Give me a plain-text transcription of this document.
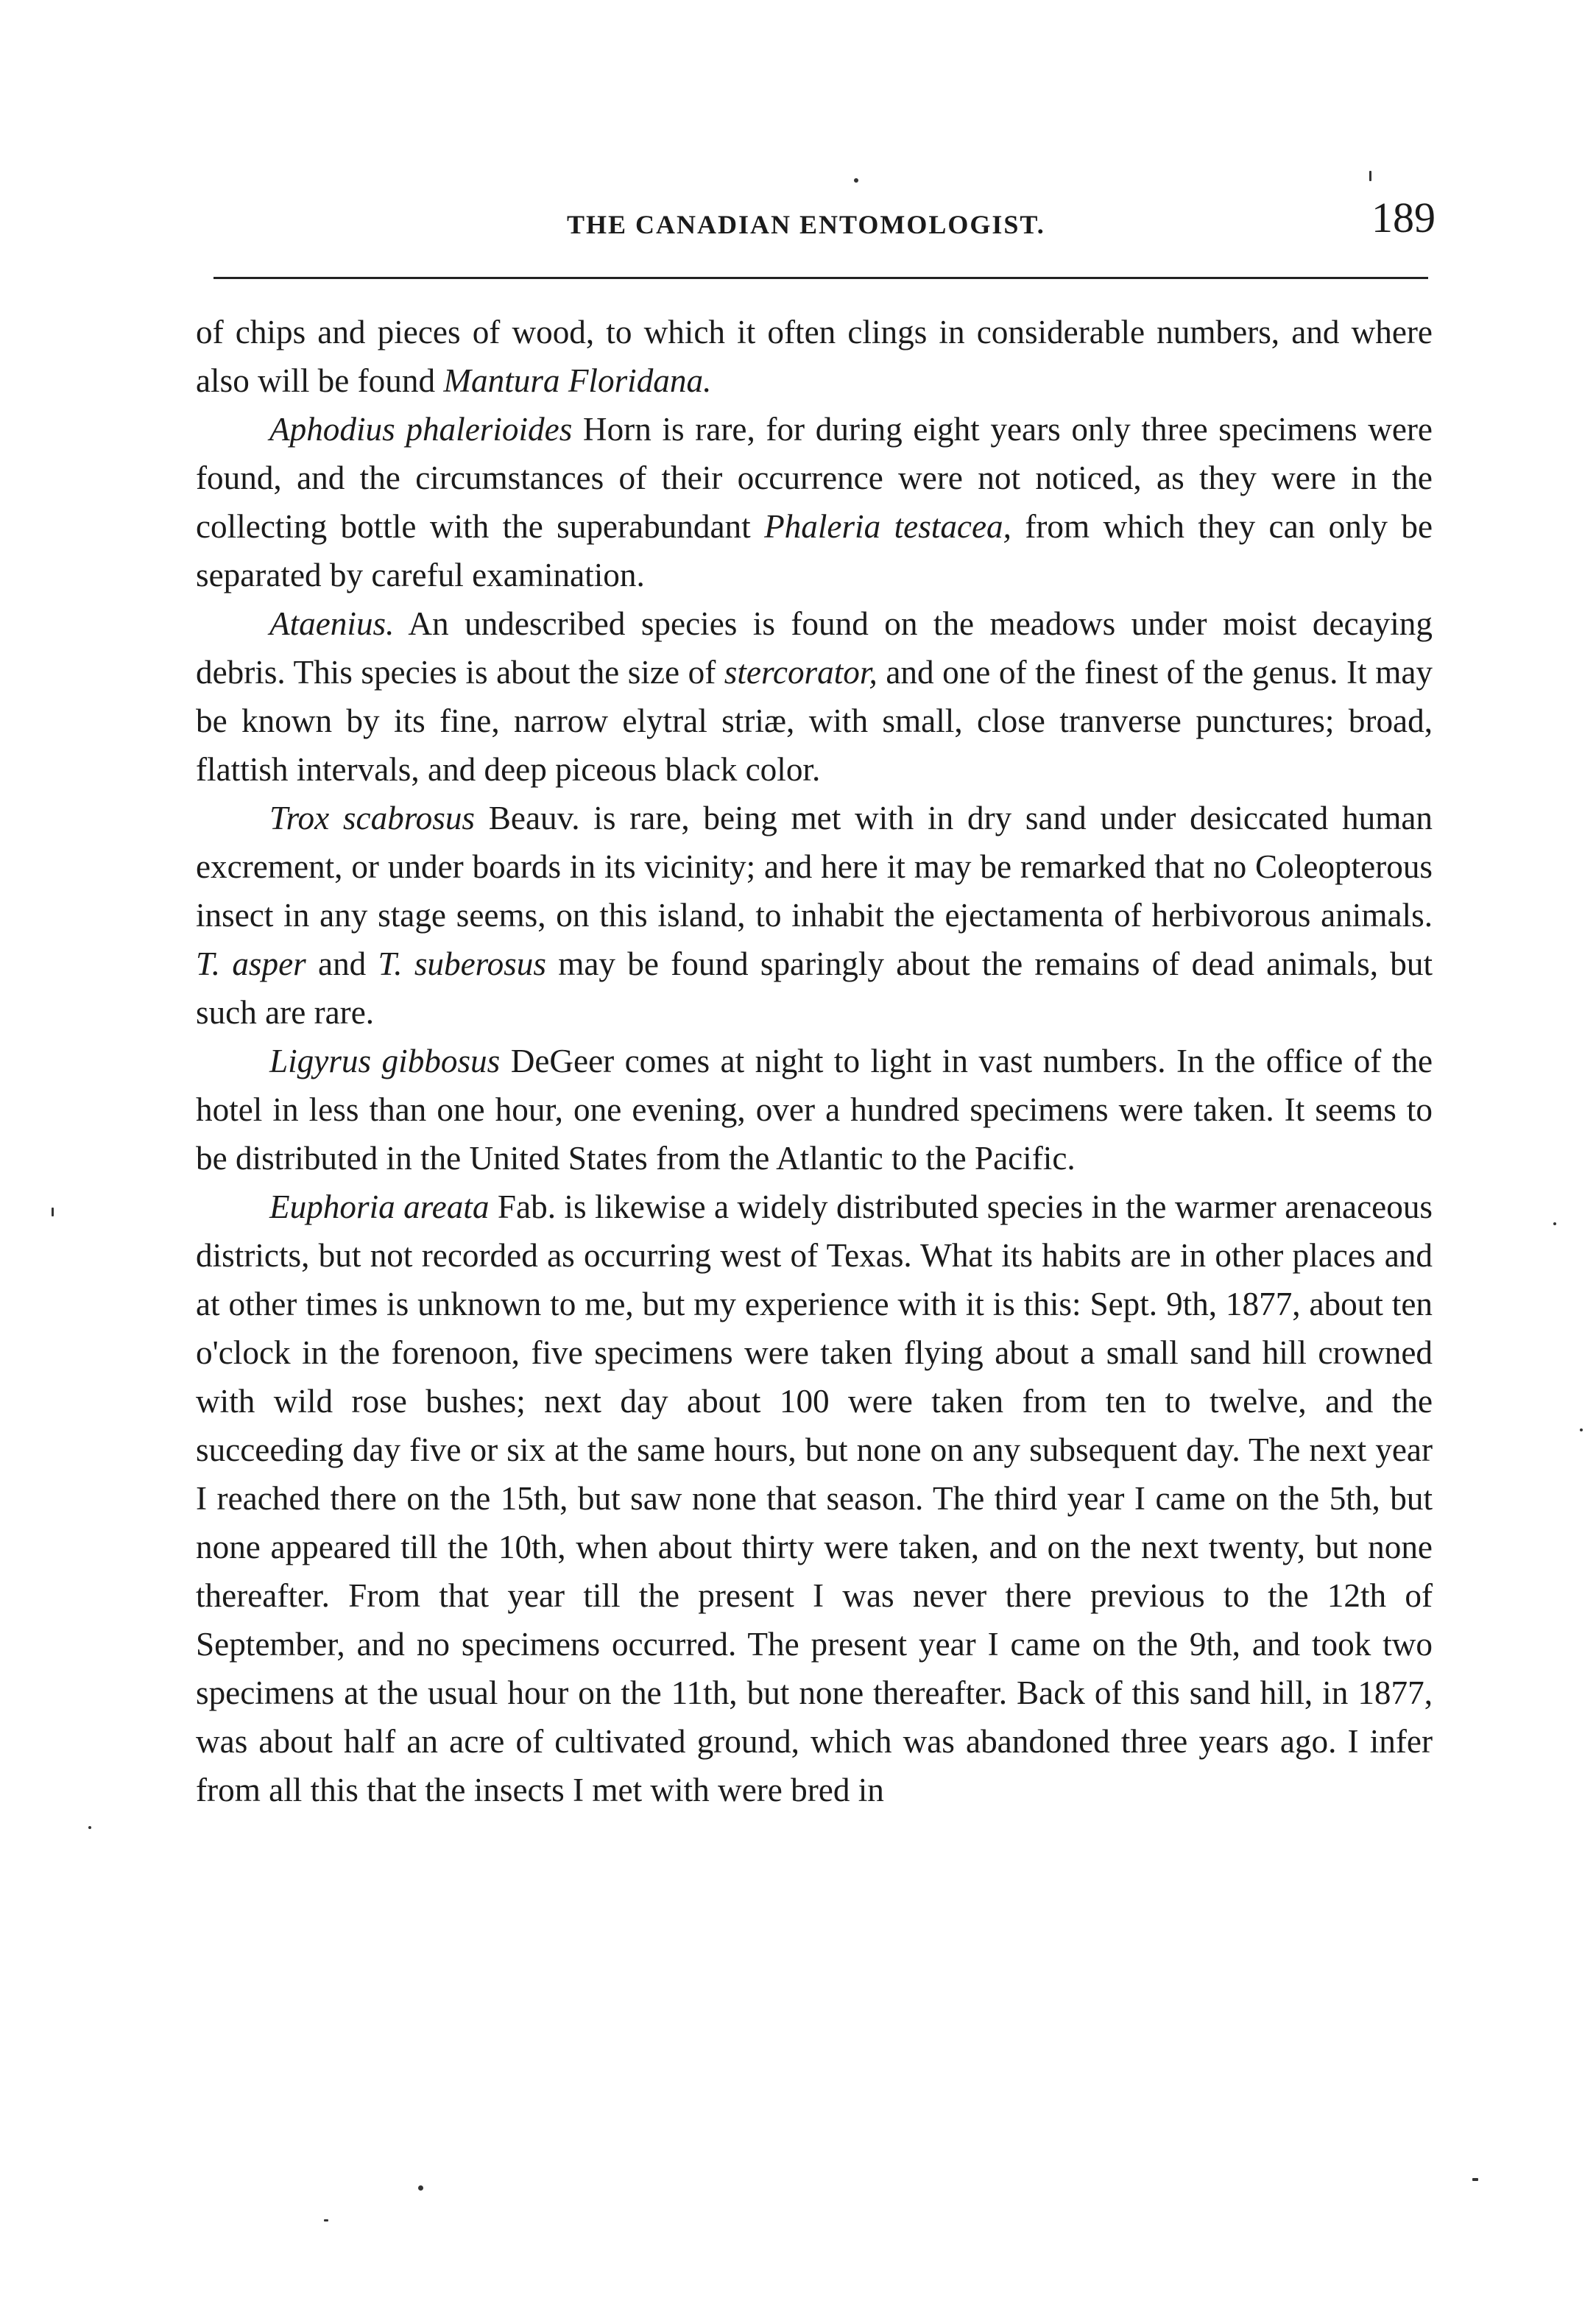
THE CANADIAN ENTOMOLOGIST.	189

of chips and pieces of wood, to which it often clings in considerable numbers, and where also will be found Mantura Floridana.

Aphodius phalerioides Horn is rare, for during eight years only three specimens were found, and the circumstances of their occurrence were not noticed, as they were in the collecting bottle with the superabundant Phaleria testacea, from which they can only be separated by careful examination.

Ataenius. An undescribed species is found on the meadows under moist decaying debris. This species is about the size of stercorator, and one of the finest of the genus. It may be known by its fine, narrow elytral striæ, with small, close tranverse punctures; broad, flattish intervals, and deep piceous black color.

Trox scabrosus Beauv. is rare, being met with in dry sand under desiccated human excrement, or under boards in its vicinity; and here it may be remarked that no Coleopterous insect in any stage seems, on this island, to inhabit the ejectamenta of herbivorous animals. T. asper and T. suberosus may be found sparingly about the remains of dead animals, but such are rare.

Ligyrus gibbosus DeGeer comes at night to light in vast numbers. In the office of the hotel in less than one hour, one evening, over a hundred specimens were taken. It seems to be distributed in the United States from the Atlantic to the Pacific.

Euphoria areata Fab. is likewise a widely distributed species in the warmer arenaceous districts, but not recorded as occurring west of Texas. What its habits are in other places and at other times is unknown to me, but my experience with it is this: Sept. 9th, 1877, about ten o'clock in the forenoon, five specimens were taken flying about a small sand hill crowned with wild rose bushes; next day about 100 were taken from ten to twelve, and the succeeding day five or six at the same hours, but none on any subsequent day. The next year I reached there on the 15th, but saw none that season. The third year I came on the 5th, but none appeared till the 10th, when about thirty were taken, and on the next twenty, but none thereafter. From that year till the present I was never there previous to the 12th of September, and no specimens occurred. The present year I came on the 9th, and took two specimens at the usual hour on the 11th, but none thereafter. Back of this sand hill, in 1877, was about half an acre of cultivated ground, which was abandoned three years ago. I infer from all this that the insects I met with were bred in
